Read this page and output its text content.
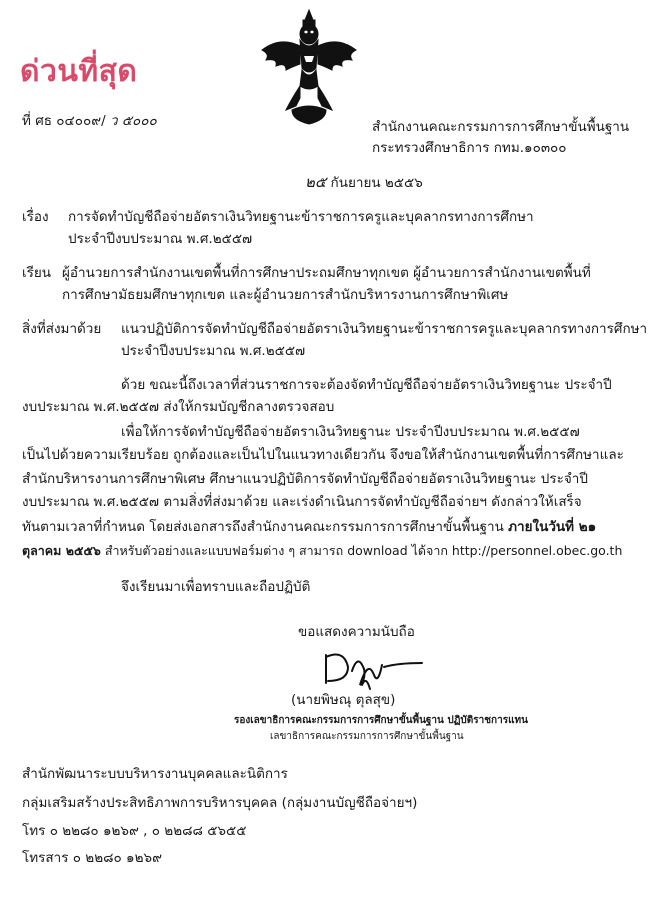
ด่วนที่สุด
ที่ ศธ ๐๔๐๐๙/ ว ๕๐๐๐	สำนักงานคณะกรรมการการศึกษาขั้นพื้นฐาน
กระทรวงศึกษาธิการ กทม.๑๐๓๐๐
๒๕ กันยายน ๒๕๕๖
เรื่อง การจัดทำบัญชีถือจ่ายอัตราเงินวิทยฐานะข้าราชการครูและบุคลากรทางการศึกษา
ประจำปีงบประมาณ พ.ศ.๒๕๕๗
เรียน ผู้อำนวยการสำนักงานเขตพื้นที่การศึกษาประถมศึกษาทุกเขต ผู้อำนวยการสำนักงานเขตพื้นที่
การศึกษามัธยมศึกษาทุกเขต และผู้อำนวยการสำนักบริหารงานการศึกษาพิเศษ
สิ่งที่ส่งมาด้วย แนวปฏิบัติการจัดทำบัญชีถือจ่ายอัตราเงินวิทยฐานะข้าราชการครูและบุคลากรทางการศึกษา
ประจำปีงบประมาณ พ.ศ.๒๕๕๗
ด้วย ขณะนี้ถึงเวลาที่ส่วนราชการจะต้องจัดทำบัญชีถือจ่ายอัตราเงินวิทยฐานะ ประจำปี
งบประมาณ พ.ศ.๒๕๕๗ ส่งให้กรมบัญชีกลางตรวจสอบ
เพื่อให้การจัดทำบัญชีถือจ่ายอัตราเงินวิทยฐานะ ประจำปีงบประมาณ พ.ศ.๒๕๕๗
เป็นไปด้วยความเรียบร้อย ถูกต้องและเป็นไปในแนวทางเดียวกัน จึงขอให้สำนักงานเขตพื้นที่การศึกษาและ
สำนักบริหารงานการศึกษาพิเศษ ศึกษาแนวปฏิบัติการจัดทำบัญชีถือจ่ายอัตราเงินวิทยฐานะ ประจำปี
งบประมาณ พ.ศ.๒๕๕๗ ตามสิ่งที่ส่งมาด้วย และเร่งดำเนินการจัดทำบัญชีถือจ่ายฯ ดังกล่าวให้เสร็จ
ทันตามเวลาที่กำหนด โดยส่งเอกสารถึงสำนักงานคณะกรรมการการศึกษาขั้นพื้นฐาน ภายในวันที่ ๒๑
ตุลาคม ๒๕๕๖ สำหรับตัวอย่างและแบบฟอร์มต่าง ๆ สามารถ download ได้จาก http://personnel.obec.go.th
จึงเรียนมาเพื่อทราบและถือปฏิบัติ
ขอแสดงความนับถือ
(นายพิษณุ ตุลสุข)
รองเลขาธิการคณะกรรมการการศึกษาขั้นพื้นฐาน ปฏิบัติราชการแทน
เลขาธิการคณะกรรมการการศึกษาขั้นพื้นฐาน
สำนักพัฒนาระบบบริหารงานบุคคลและนิติการ
กลุ่มเสริมสร้างประสิทธิภาพการบริหารบุคคล (กลุ่มงานบัญชีถือจ่ายฯ)
โทร ๐ ๒๒๘๐ ๑๒๖๙ , ๐ ๒๒๘๘ ๕๖๕๕
โทรสาร ๐ ๒๒๘๐ ๑๒๖๙
